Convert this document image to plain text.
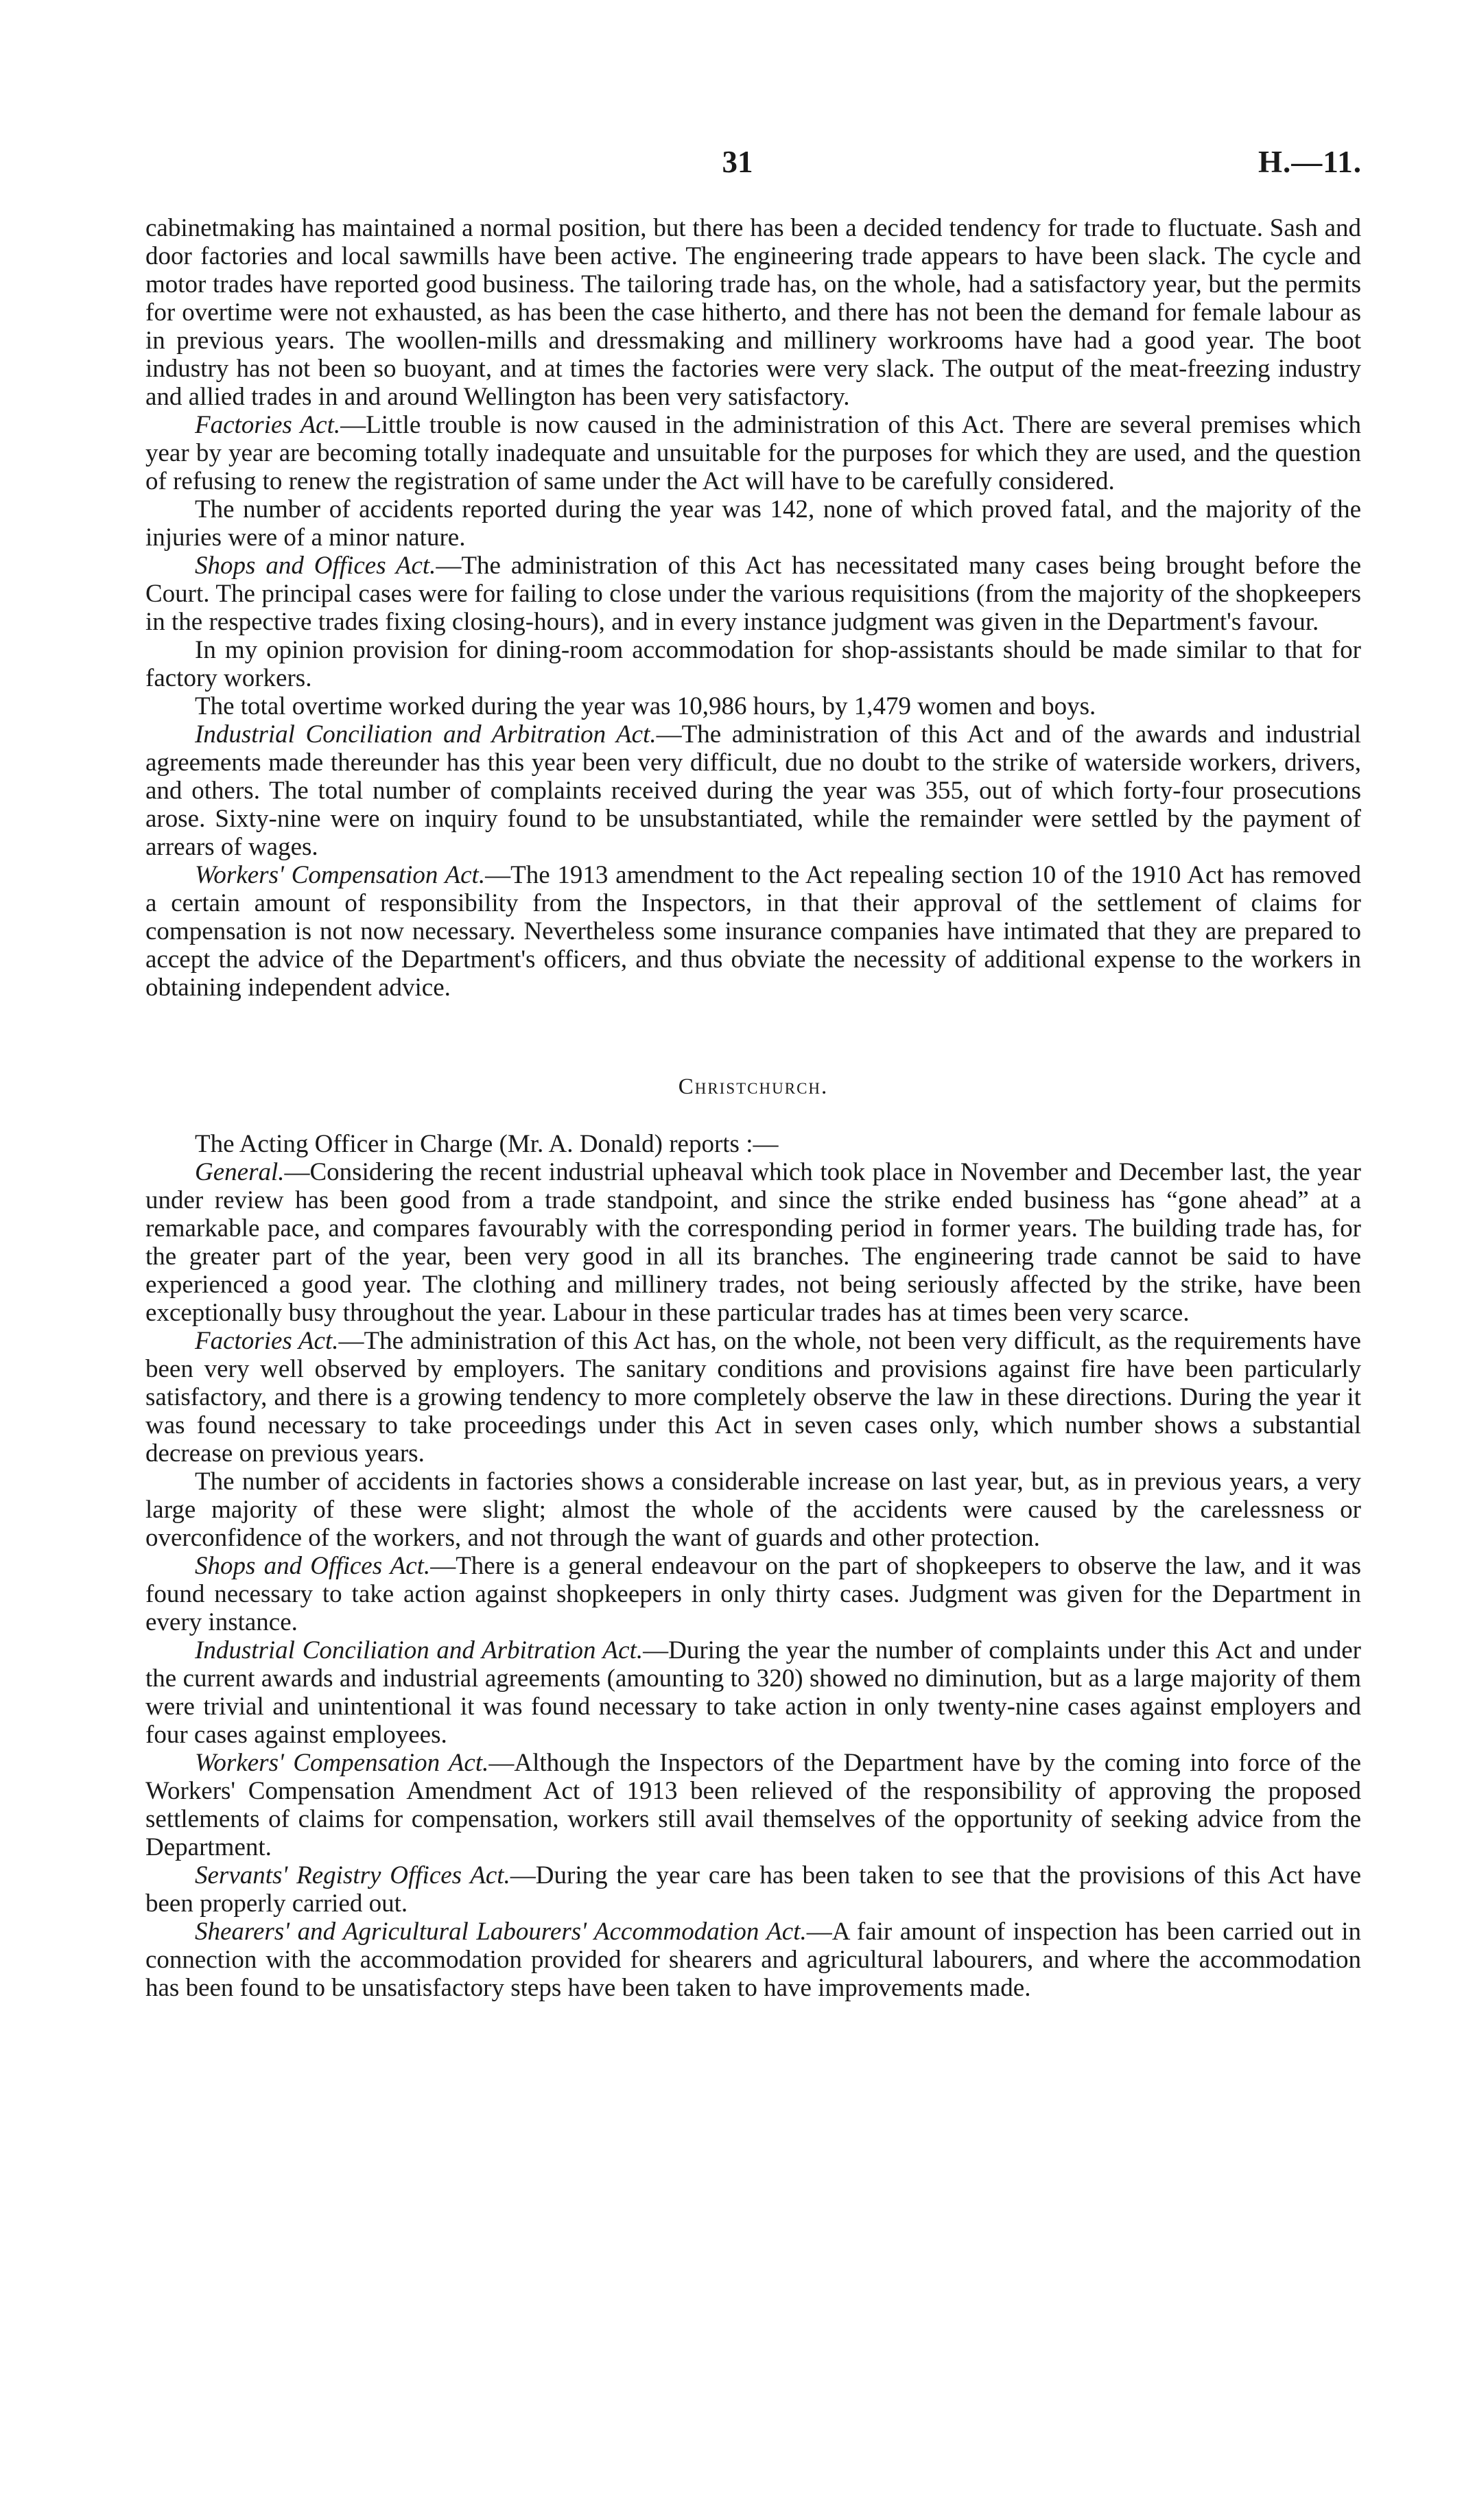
31	H.—11.

cabinetmaking has maintained a normal position, but there has been a decided tendency for trade to fluctuate. Sash and door factories and local sawmills have been active. The engineering trade appears to have been slack. The cycle and motor trades have reported good business. The tailoring trade has, on the whole, had a satisfactory year, but the permits for overtime were not exhausted, as has been the case hitherto, and there has not been the demand for female labour as in previous years. The woollen-mills and dressmaking and millinery workrooms have had a good year. The boot industry has not been so buoyant, and at times the factories were very slack. The output of the meat-freezing industry and allied trades in and around Wellington has been very satisfactory.

Factories Act.—Little trouble is now caused in the administration of this Act. There are several premises which year by year are becoming totally inadequate and unsuitable for the purposes for which they are used, and the question of refusing to renew the registration of same under the Act will have to be carefully considered.

The number of accidents reported during the year was 142, none of which proved fatal, and the majority of the injuries were of a minor nature.

Shops and Offices Act.—The administration of this Act has necessitated many cases being brought before the Court. The principal cases were for failing to close under the various requisitions (from the majority of the shopkeepers in the respective trades fixing closing-hours), and in every instance judgment was given in the Department's favour.

In my opinion provision for dining-room accommodation for shop-assistants should be made similar to that for factory workers.

The total overtime worked during the year was 10,986 hours, by 1,479 women and boys.

Industrial Conciliation and Arbitration Act.—The administration of this Act and of the awards and industrial agreements made thereunder has this year been very difficult, due no doubt to the strike of waterside workers, drivers, and others. The total number of complaints received during the year was 355, out of which forty-four prosecutions arose. Sixty-nine were on inquiry found to be unsubstantiated, while the remainder were settled by the payment of arrears of wages.

Workers' Compensation Act.—The 1913 amendment to the Act repealing section 10 of the 1910 Act has removed a certain amount of responsibility from the Inspectors, in that their approval of the settlement of claims for compensation is not now necessary. Nevertheless some insurance companies have intimated that they are prepared to accept the advice of the Department's officers, and thus obviate the necessity of additional expense to the workers in obtaining independent advice.

Christchurch.

The Acting Officer in Charge (Mr. A. Donald) reports :—

General.—Considering the recent industrial upheaval which took place in November and December last, the year under review has been good from a trade standpoint, and since the strike ended business has “gone ahead” at a remarkable pace, and compares favourably with the corresponding period in former years. The building trade has, for the greater part of the year, been very good in all its branches. The engineering trade cannot be said to have experienced a good year. The clothing and millinery trades, not being seriously affected by the strike, have been exceptionally busy throughout the year. Labour in these particular trades has at times been very scarce.

Factories Act.—The administration of this Act has, on the whole, not been very difficult, as the requirements have been very well observed by employers. The sanitary conditions and provisions against fire have been particularly satisfactory, and there is a growing tendency to more completely observe the law in these directions. During the year it was found necessary to take proceedings under this Act in seven cases only, which number shows a substantial decrease on previous years.

The number of accidents in factories shows a considerable increase on last year, but, as in previous years, a very large majority of these were slight; almost the whole of the accidents were caused by the carelessness or overconfidence of the workers, and not through the want of guards and other protection.

Shops and Offices Act.—There is a general endeavour on the part of shopkeepers to observe the law, and it was found necessary to take action against shopkeepers in only thirty cases. Judgment was given for the Department in every instance.

Industrial Conciliation and Arbitration Act.—During the year the number of complaints under this Act and under the current awards and industrial agreements (amounting to 320) showed no diminution, but as a large majority of them were trivial and unintentional it was found necessary to take action in only twenty-nine cases against employers and four cases against employees.

Workers' Compensation Act.—Although the Inspectors of the Department have by the coming into force of the Workers' Compensation Amendment Act of 1913 been relieved of the responsibility of approving the proposed settlements of claims for compensation, workers still avail themselves of the opportunity of seeking advice from the Department.

Servants' Registry Offices Act.—During the year care has been taken to see that the provisions of this Act have been properly carried out.

Shearers' and Agricultural Labourers' Accommodation Act.—A fair amount of inspection has been carried out in connection with the accommodation provided for shearers and agricultural labourers, and where the accommodation has been found to be unsatisfactory steps have been taken to have improvements made.
